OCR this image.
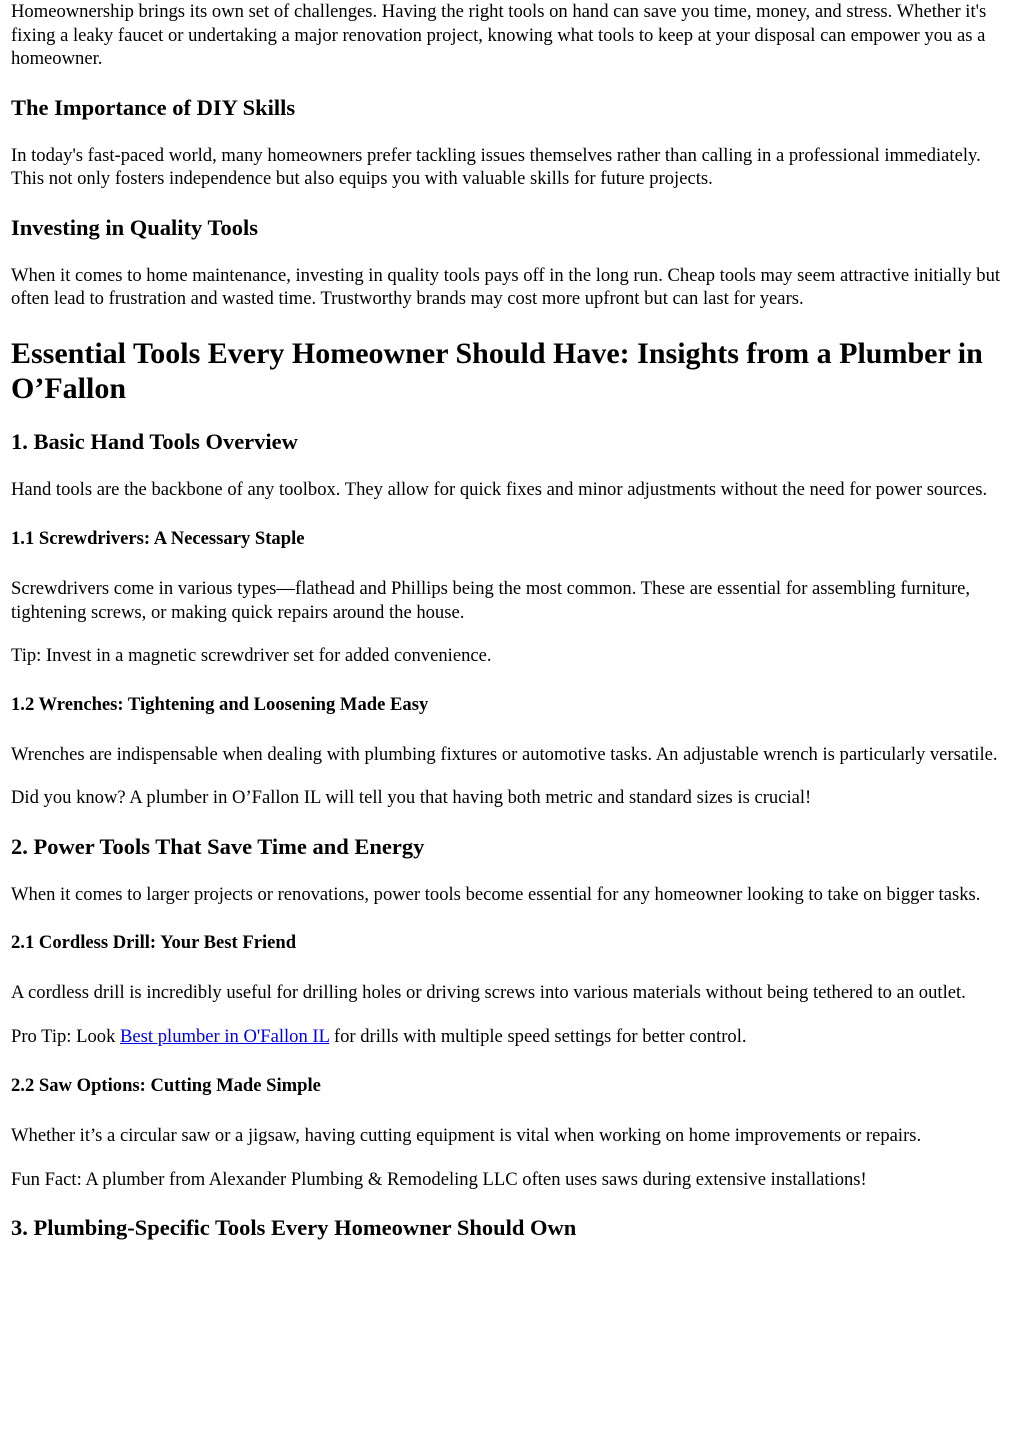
Homeownership brings its own set of challenges. Having the right tools on hand can save you time, money, and stress. Whether it's fixing a leaky faucet or undertaking a major renovation project, knowing what tools to keep at your disposal can empower you as a homeowner.

The Importance of DIY Skills

In today's fast-paced world, many homeowners prefer tackling issues themselves rather than calling in a professional immediately. This not only fosters independence but also equips you with valuable skills for future projects.

Investing in Quality Tools

When it comes to home maintenance, investing in quality tools pays off in the long run. Cheap tools may seem attractive initially but often lead to frustration and wasted time. Trustworthy brands may cost more upfront but can last for years.

Essential Tools Every Homeowner Should Have: Insights from a Plumber in O’Fallon
1. Basic Hand Tools Overview

Hand tools are the backbone of any toolbox. They allow for quick fixes and minor adjustments without the need for power sources.

1.1 Screwdrivers: A Necessary Staple

Screwdrivers come in various types—flathead and Phillips being the most common. These are essential for assembling furniture, tightening screws, or making quick repairs around the house.

Tip: Invest in a magnetic screwdriver set for added convenience.

1.2 Wrenches: Tightening and Loosening Made Easy

Wrenches are indispensable when dealing with plumbing fixtures or automotive tasks. An adjustable wrench is particularly versatile.

Did you know? A plumber in O’Fallon IL will tell you that having both metric and standard sizes is crucial!

2. Power Tools That Save Time and Energy

When it comes to larger projects or renovations, power tools become essential for any homeowner looking to take on bigger tasks.

2.1 Cordless Drill: Your Best Friend

A cordless drill is incredibly useful for drilling holes or driving screws into various materials without being tethered to an outlet.

Pro Tip: Look Best plumber in O'Fallon IL for drills with multiple speed settings for better control.

2.2 Saw Options: Cutting Made Simple

Whether it’s a circular saw or a jigsaw, having cutting equipment is vital when working on home improvements or repairs.

Fun Fact: A plumber from Alexander Plumbing & Remodeling LLC often uses saws during extensive installations!

3. Plumbing-Specific Tools Every Homeowner Should Own
